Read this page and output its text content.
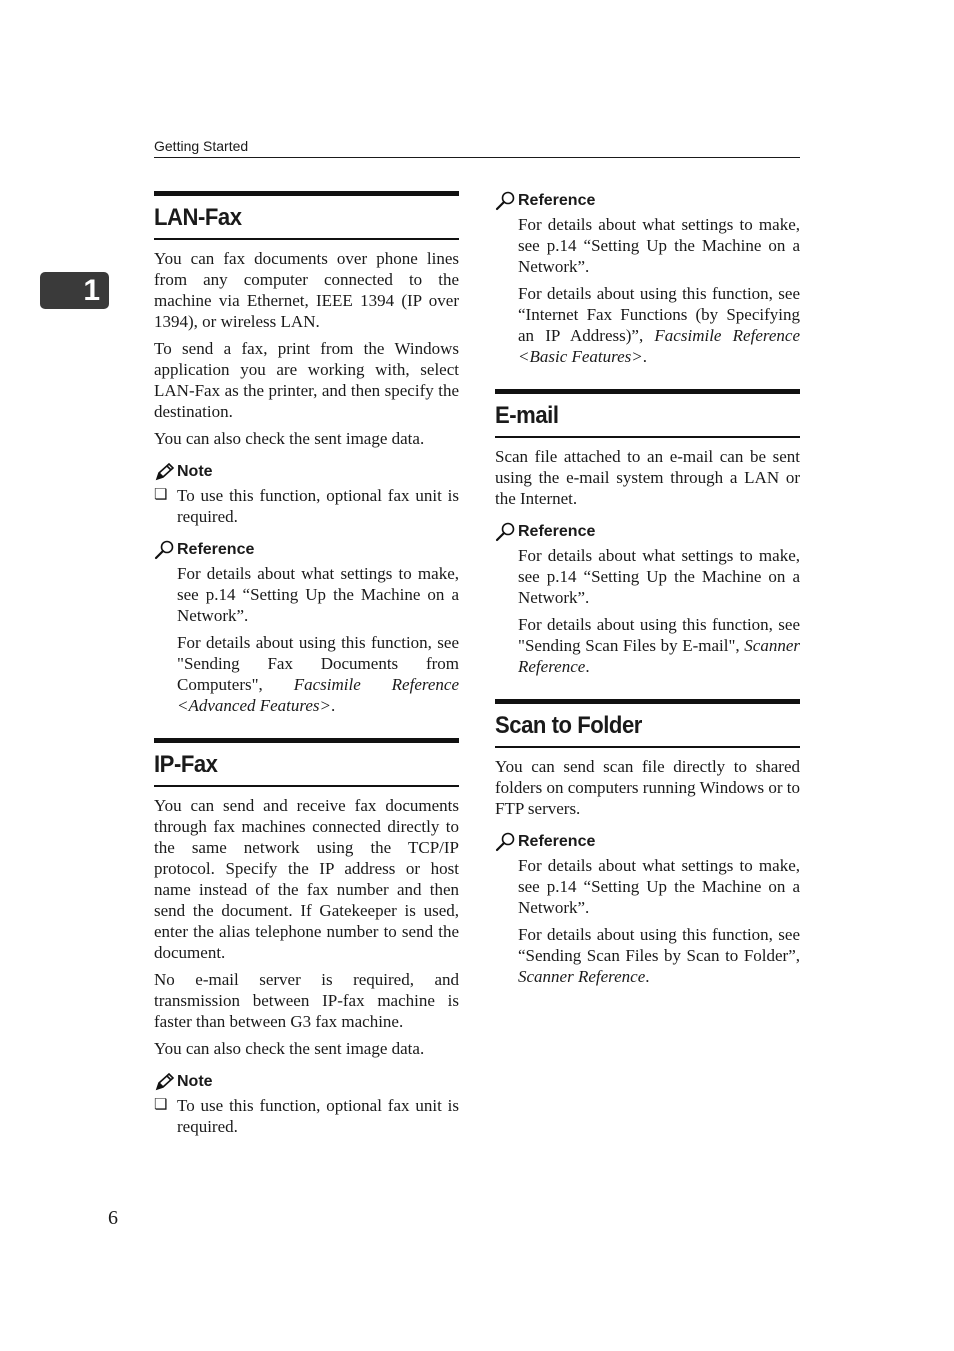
Getting Started
1
LAN-Fax

You can fax documents over phone lines from any computer connected to the machine via Ethernet, IEEE 1394 (IP over 1394), or wireless LAN.

To send a fax, print from the Windows application you are working with, select LAN-Fax as the printer, and then specify the destination.

You can also check the sent image data.

Note
❏ To use this function, optional fax unit is required.
Reference

For details about what settings to make, see p.14 “Setting Up the Machine on a Network”.

For details about using this function, see "Sending Fax Documents from Computers", Facsimile Reference <Advanced Features>.

IP-Fax

You can send and receive fax documents through fax machines connected directly to the same network using the TCP/IP protocol. Specify the IP address or host name instead of the fax number and then send the document. If Gatekeeper is used, enter the alias telephone number to send the document.

No e-mail server is required, and transmission between IP-fax machine is faster than between G3 fax machine.

You can also check the sent image data.

Note
❏ To use this function, optional fax unit is required.
Reference

For details about what settings to make, see p.14 “Setting Up the Machine on a Network”.

For details about using this function, see “Internet Fax Functions (by Specifying an IP Address)”, Facsimile Reference <Basic Features>.

E-mail

Scan file attached to an e-mail can be sent using the e-mail system through a LAN or the Internet.

Reference

For details about what settings to make, see p.14 “Setting Up the Machine on a Network”.

For details about using this function, see "Sending Scan Files by E-mail", Scanner Reference.

Scan to Folder

You can send scan file directly to shared folders on computers running Windows or to FTP servers.

Reference

For details about what settings to make, see p.14 “Setting Up the Machine on a Network”.

For details about using this function, see “Sending Scan Files by Scan to Folder”, Scanner Reference.

6
